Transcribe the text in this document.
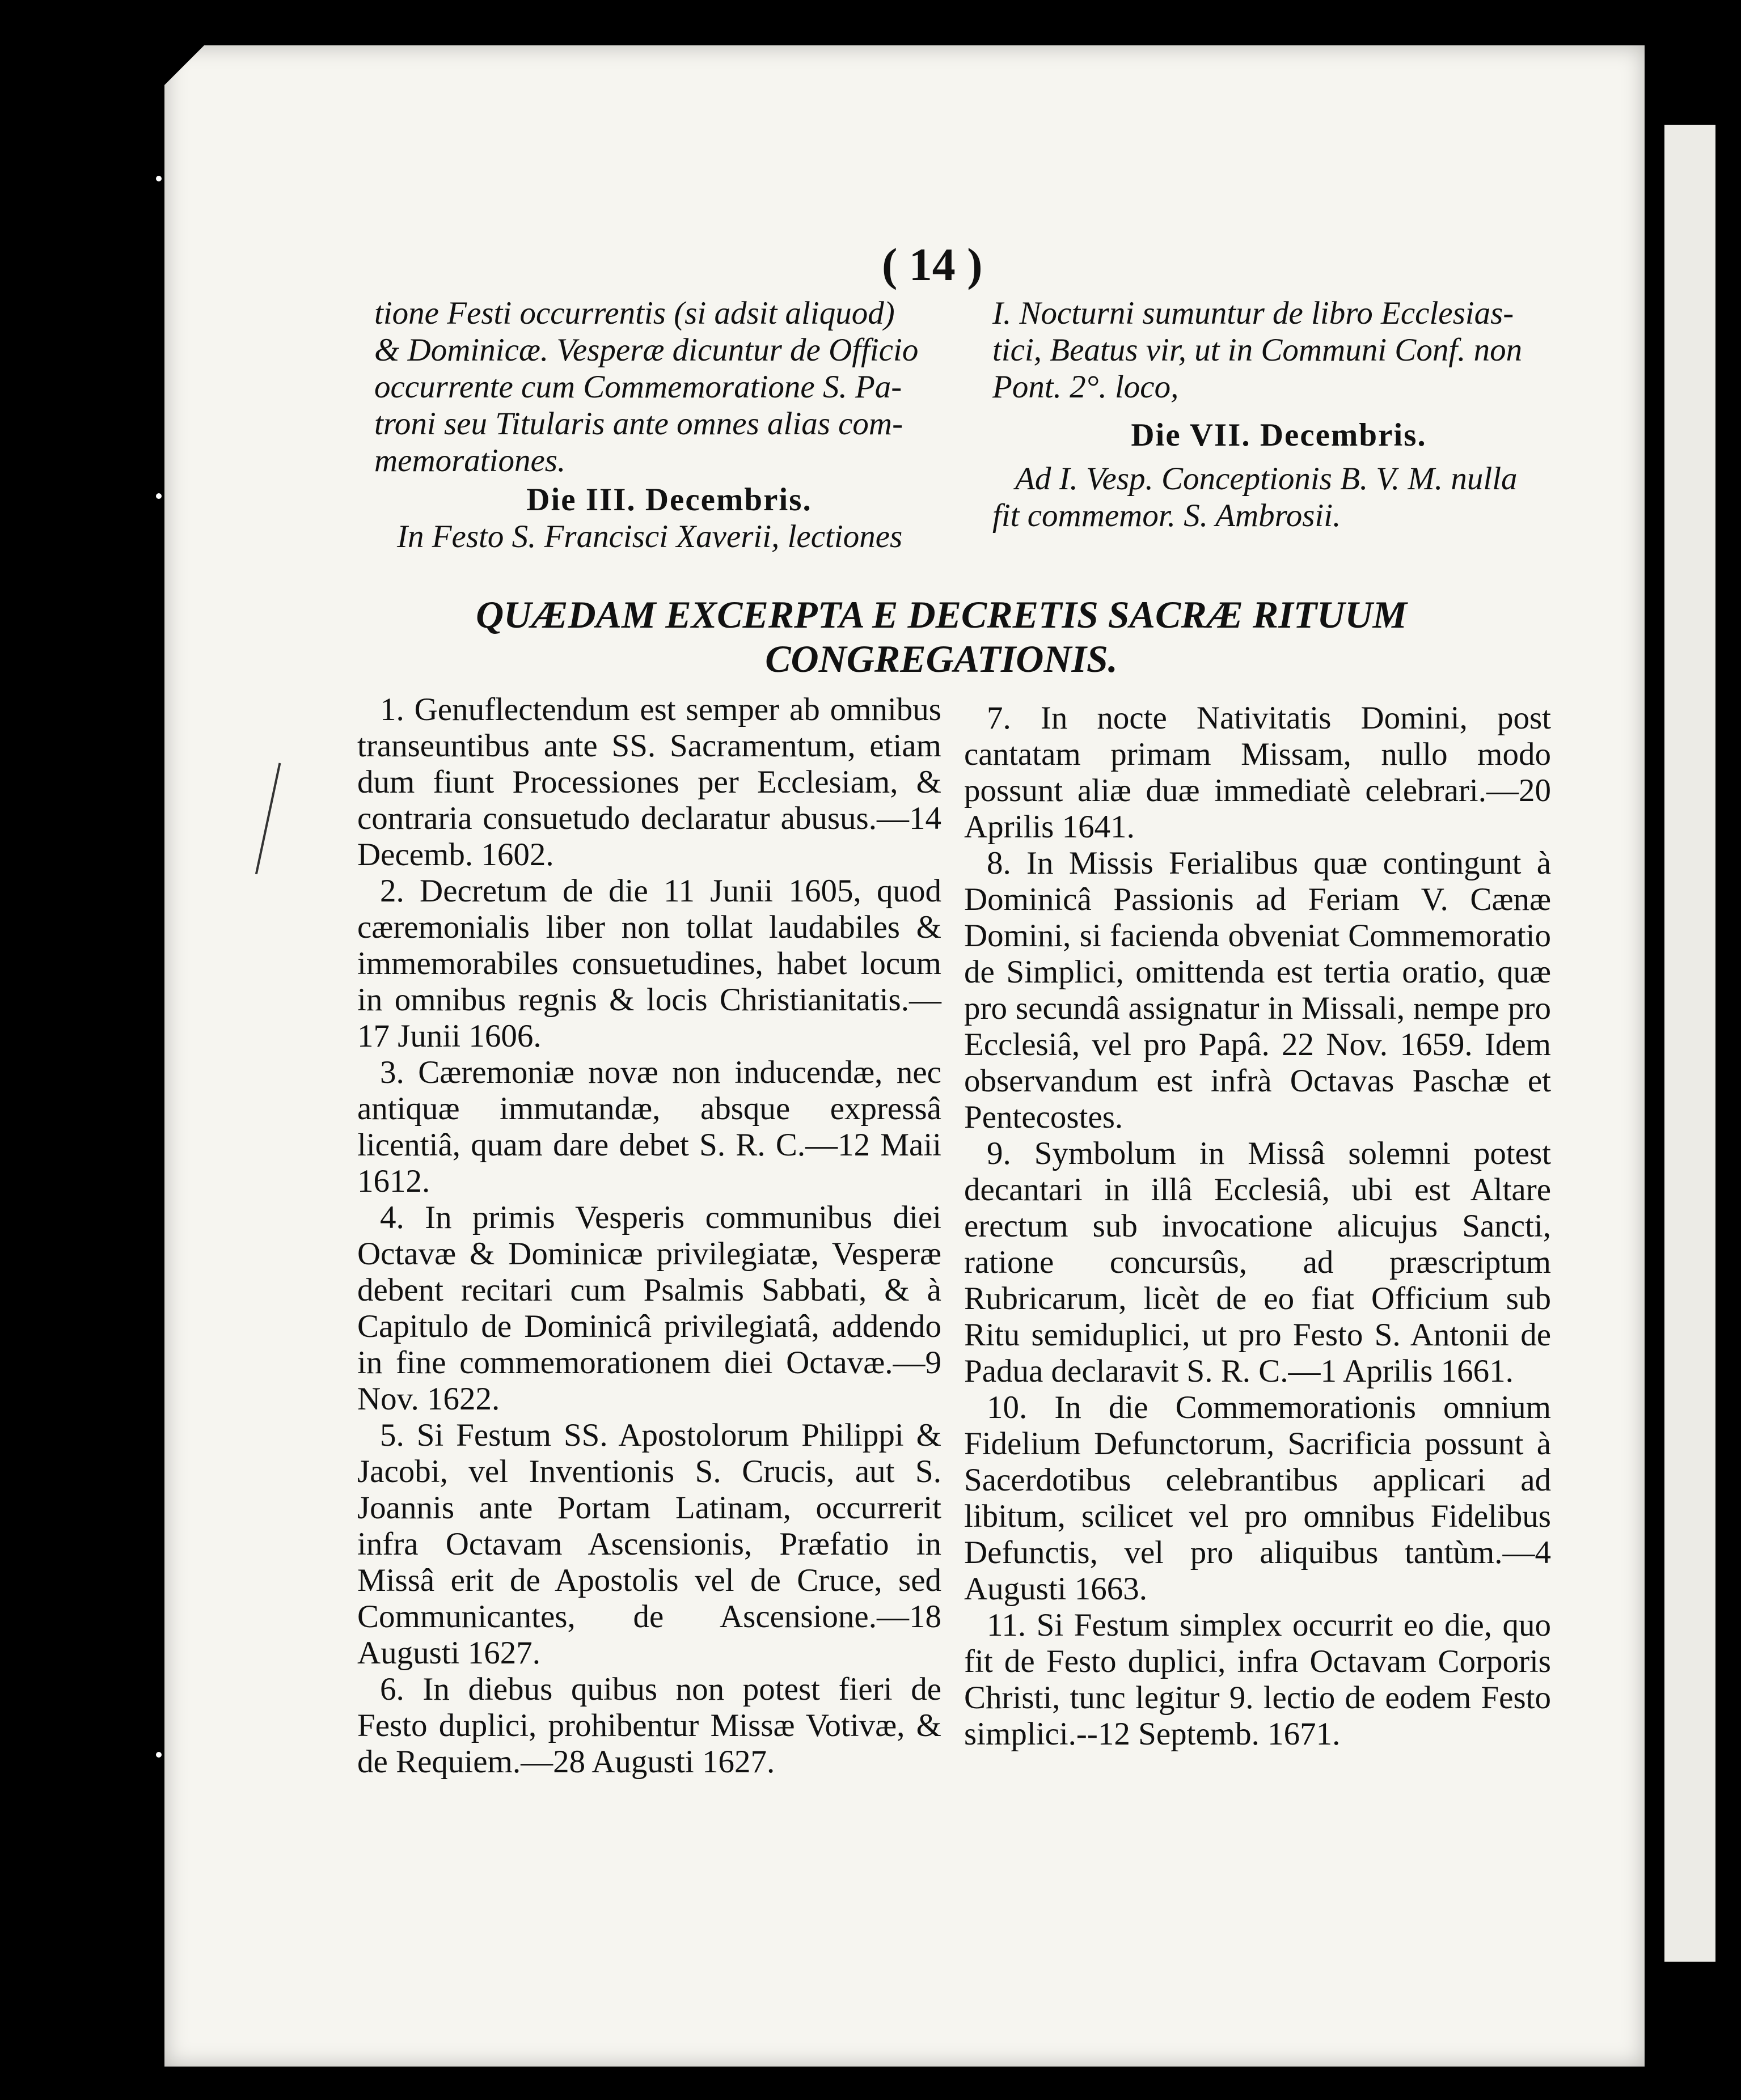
( 14 )

tione Festi occurrentis (si adsit aliquod)

& Dominicæ. Vesperæ dicuntur de Officio

occurrente cum Commemoratione S. Pa-

troni seu Titularis ante omnes alias com-

memorationes.

Die III. Decembris.

In Festo S. Francisci Xaverii, lectiones

I. Nocturni sumuntur de libro Ecclesias-

tici, Beatus vir, ut in Communi Conf. non

Pont. 2°. loco,

Die VII. Decembris.

Ad I. Vesp. Conceptionis B. V. M. nulla

fit commemor. S. Ambrosii.

QUÆDAM EXCERPTA E DECRETIS SACRÆ RITUUM
CONGREGATIONIS.

1. Genuflectendum est semper ab omnibus transeuntibus ante SS. Sacramentum, etiam dum fiunt Processiones per Ecclesiam, & contraria consuetudo declaratur abusus.—14 Decemb. 1602.

2. Decretum de die 11 Junii 1605, quod cæremonialis liber non tollat laudabiles & immemorabiles consuetudines, habet locum in omnibus regnis & locis Christianitatis.—17 Junii 1606.

3. Cæremoniæ novæ non inducendæ, nec antiquæ immutandæ, absque expressâ licentiâ, quam dare debet S. R. C.—12 Maii 1612.

4. In primis Vesperis communibus diei Octavæ & Dominicæ privilegiatæ, Vesperæ debent recitari cum Psalmis Sabbati, & à Capitulo de Dominicâ privilegiatâ, addendo in fine commemorationem diei Octavæ.—9 Nov. 1622.

5. Si Festum SS. Apostolorum Philippi & Jacobi, vel Inventionis S. Crucis, aut S. Joannis ante Portam Latinam, occurrerit infra Octavam Ascensionis, Præfatio in Missâ erit de Apostolis vel de Cruce, sed Communicantes, de Ascensione.—18 Augusti 1627.

6. In diebus quibus non potest fieri de Festo duplici, prohibentur Missæ Votivæ, & de Requiem.—28 Augusti 1627.

7. In nocte Nativitatis Domini, post cantatam primam Missam, nullo modo possunt aliæ duæ immediatè celebrari.—20 Aprilis 1641.

8. In Missis Ferialibus quæ contingunt à Dominicâ Passionis ad Feriam V. Cænæ Domini, si facienda obveniat Commemoratio de Simplici, omittenda est tertia oratio, quæ pro secundâ assignatur in Missali, nempe pro Ecclesiâ, vel pro Papâ. 22 Nov. 1659. Idem observandum est infrà Octavas Paschæ et Pentecostes.

9. Symbolum in Missâ solemni potest decantari in illâ Ecclesiâ, ubi est Altare erectum sub invocatione alicujus Sancti, ratione concursûs, ad præscriptum Rubricarum, licèt de eo fiat Officium sub Ritu semiduplici, ut pro Festo S. Antonii de Padua declaravit S. R. C.—1 Aprilis 1661.

10. In die Commemorationis omnium Fidelium Defunctorum, Sacrificia possunt à Sacerdotibus celebrantibus applicari ad libitum, scilicet vel pro omnibus Fidelibus Defunctis, vel pro aliquibus tantùm.—4 Augusti 1663.

11. Si Festum simplex occurrit eo die, quo fit de Festo duplici, infra Octavam Corporis Christi, tunc legitur 9. lectio de eodem Festo simplici.--12 Septemb. 1671.
